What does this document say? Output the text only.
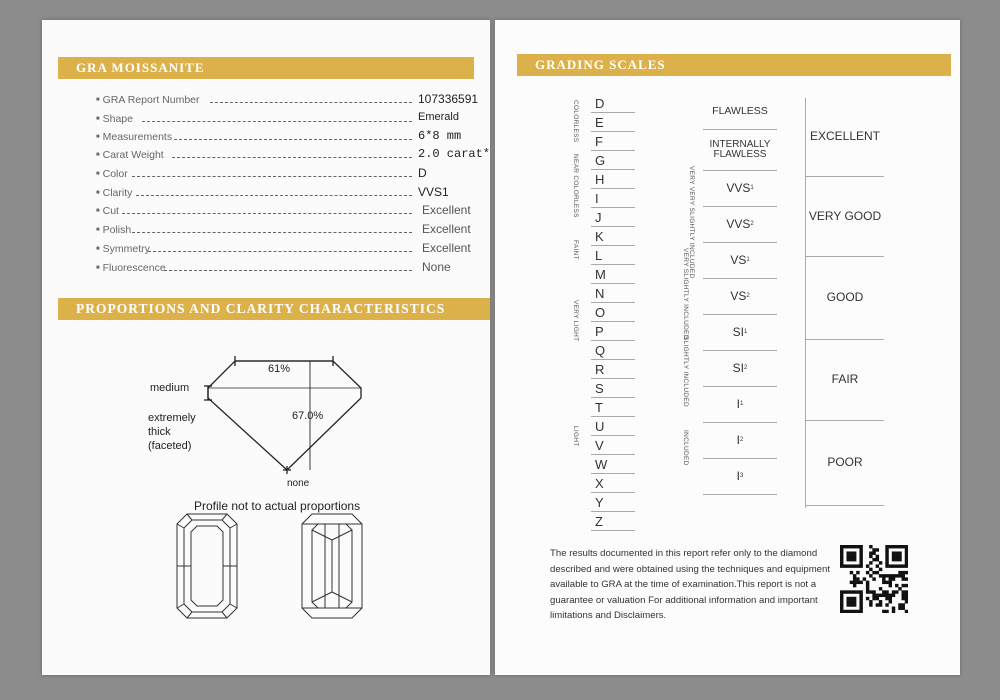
GRA MOISSANITE
■ GRA Report Number	107336591
■ Shape	Emerald
■ Measurements	6*8 mm
■ Carat Weight	2.0 carat*
■ Color	D
■ Clarity	VVS1
■ Cut	Excellent
■ Polish	Excellent
■ Symmetry	Excellent
■ Fluorescence	None
PROPORTIONS AND CLARITY CHARACTERISTICS
61%
67.0%
medium
extremely
thick
(faceted)
none
Profile not to actual proportions
GRADING SCALES
D
E
F
G
H
I
J
K
L
M
N
O
P
Q
R
S
T
U
V
W
X
Y
Z
COLORLESS
NEAR COLORLESS
FAINT
VERY LIGHT
LIGHT
FLAWLESS
INTERNALLY FLAWLESS
VVS 1
VVS 2
VS 1
VS 2
SI 1
SI 2
I 1
I 2
I 3
VERY VERY SLIGHTLY INCLUDED
VERY SLIGHTLY INCLUDED
SLIGHTLY INCLUDED
INCLUDED
EXCELLENT
VERY GOOD
GOOD
FAIR
POOR
The results documented in this report refer only to the diamond described and were obtained using the techniques and equipment available to GRA at the time of examination.This report is not a guarantee or valuation For additional information and important limitations and Disclaimers.
